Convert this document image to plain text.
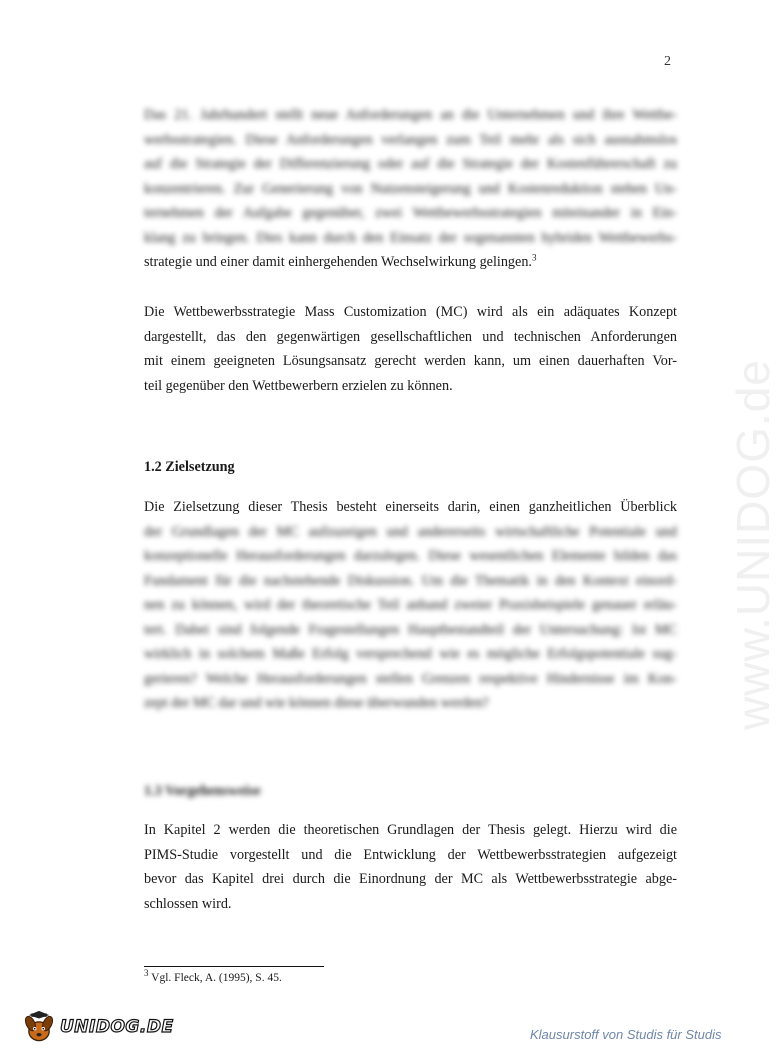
2
www.UNIDOG.de
Das 21. Jahrhundert stellt neue Anforderungen an die Unternehmen und ihre Wettbe-
werbsstrategien. Diese Anforderungen verlangen zum Teil mehr als sich ausnahmslos
auf die Strategie der Differenzierung oder auf die Strategie der Kostenführerschaft zu
konzentrieren. Zur Generierung von Nutzensteigerung und Kostenreduktion stehen Un-
ternehmen der Aufgabe gegenüber, zwei Wettbewerbsstrategien miteinander in Ein-
klang zu bringen. Dies kann durch den Einsatz der sogenannten hybriden Wettbewerbs-
strategie und einer damit einhergehenden Wechselwirkung gelingen.$^3$
Die Wettbewerbsstrategie Mass Customization (MC) wird als ein adäquates Konzept
dargestellt, das den gegenwärtigen gesellschaftlichen und technischen Anforderungen
mit einem geeigneten Lösungsansatz gerecht werden kann, um einen dauerhaften Vor-
teil gegenüber den Wettbewerbern erzielen zu können.
1.2 Zielsetzung
Die Zielsetzung dieser Thesis besteht einerseits darin, einen ganzheitlichen Überblick
der Grundlagen der MC aufzuzeigen und andererseits wirtschaftliche Potentiale und
konzeptionelle Herausforderungen darzulegen. Diese wesentlichen Elemente bilden das
Fundament für die nachstehende Diskussion. Um die Thematik in den Kontext einord-
nen zu können, wird der theoretische Teil anhand zweier Praxisbeispiele genauer erläu-
tert. Dabei sind folgende Fragestellungen Hauptbestandteil der Untersuchung: Ist MC
wirklich in solchem Maße Erfolg versprechend wie es mögliche Erfolgspotentiale sug-
gerieren? Welche Herausforderungen stellen Grenzen respektive Hindernisse im Kon-
zept der MC dar und wie können diese überwunden werden?
1.3 Vorgehensweise
In Kapitel 2 werden die theoretischen Grundlagen der Thesis gelegt. Hierzu wird die
PIMS-Studie vorgestellt und die Entwicklung der Wettbewerbsstrategien aufgezeigt
bevor das Kapitel drei durch die Einordnung der MC als Wettbewerbsstrategie abge-
schlossen wird.
$^3$ Vgl. Fleck, A. (1995), S. 45.
UNIDOG.DE	Klausurstoff von Studis für Studis
